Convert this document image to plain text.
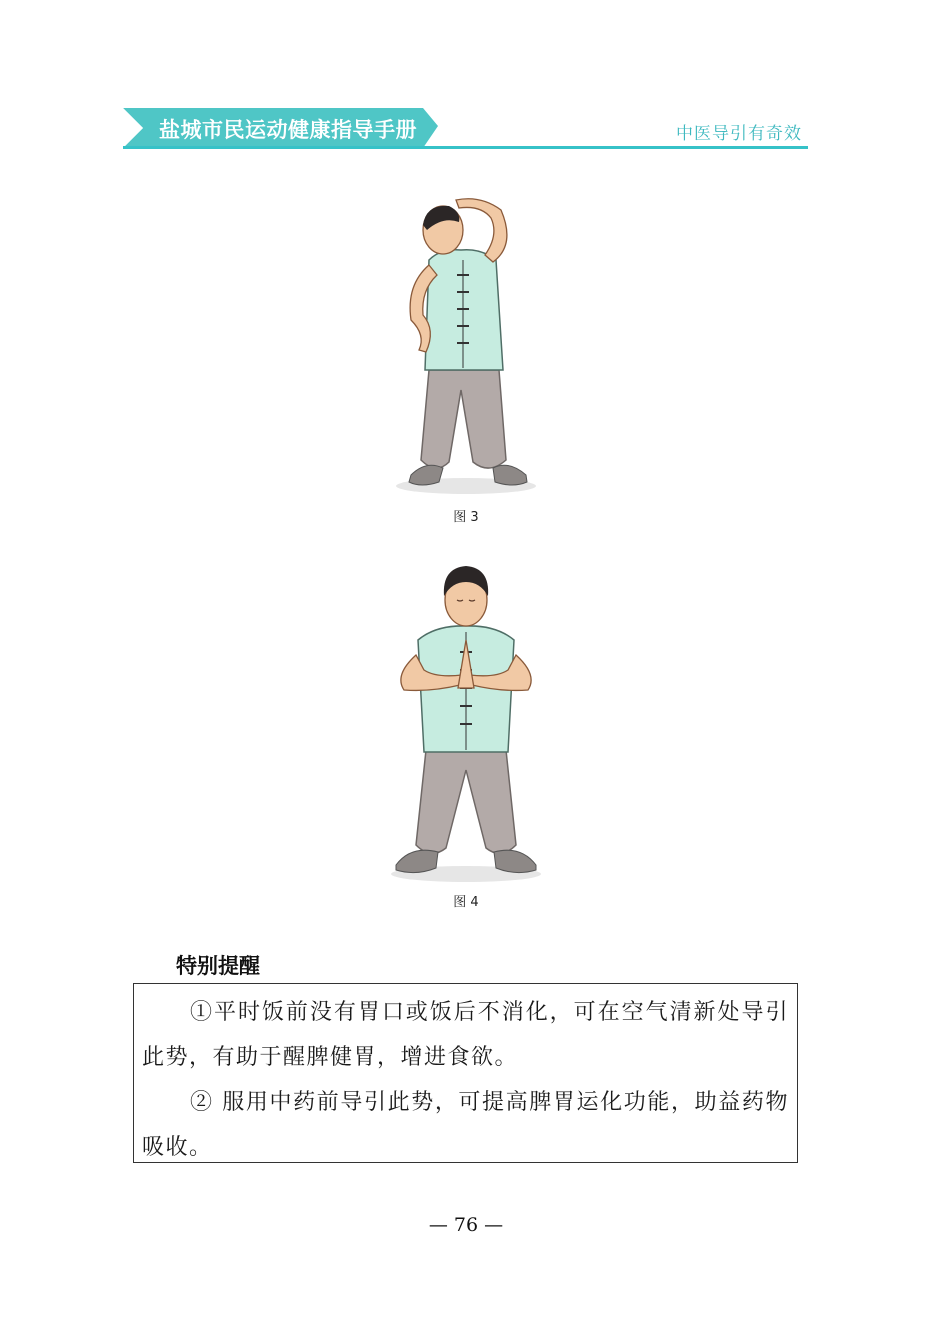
盐城市民运动健康指导手册	中医导引有奇效
图 3
图 4
特别提醒

①平时饭前没有胃口或饭后不消化，可在空气清新处导引此势，有助于醒脾健胃，增进食欲。

② 服用中药前导引此势，可提高脾胃运化功能，助益药物吸收。

— 76 —
